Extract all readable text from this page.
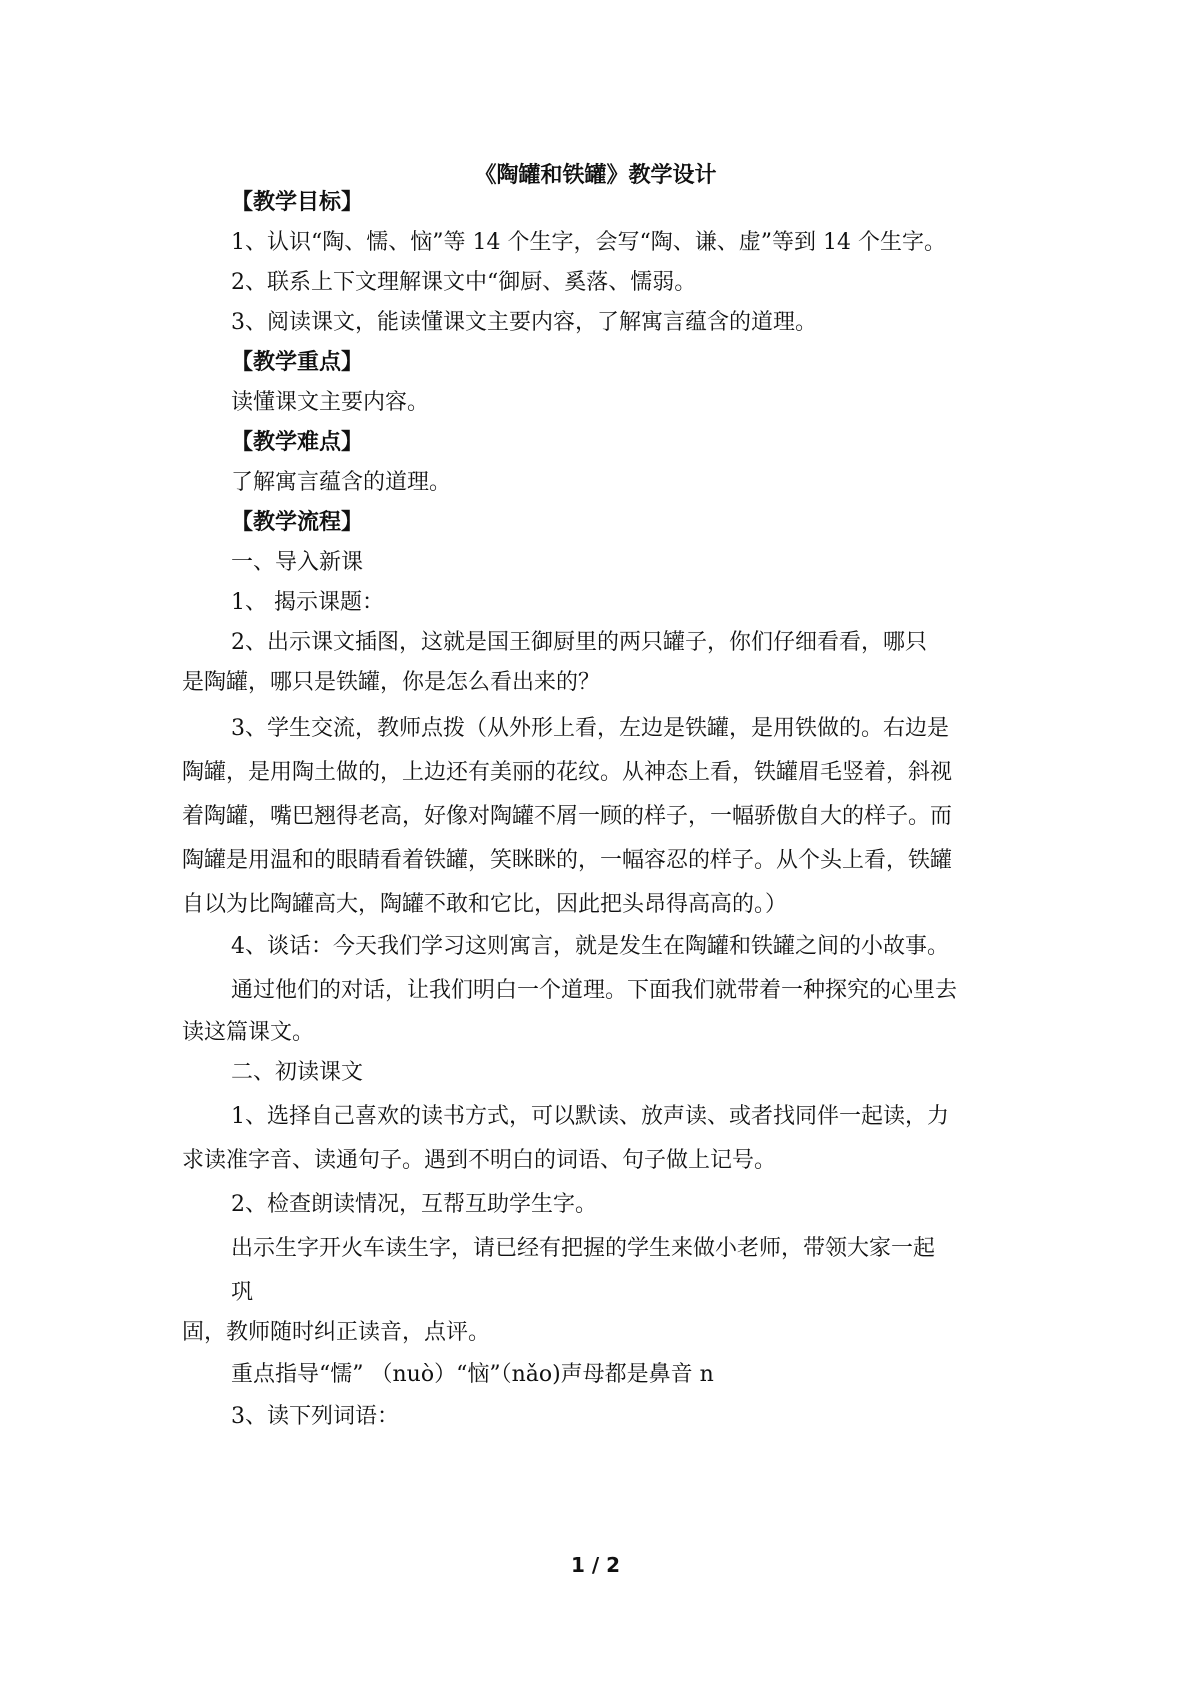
《陶罐和铁罐》教学设计
【教学目标】
1、认识“陶、懦、恼”等 14 个生字，会写“陶、谦、虚”等到 14 个生字。
2、联系上下文理解课文中“御厨、奚落、懦弱。
3、阅读课文，能读懂课文主要内容，了解寓言蕴含的道理。
【教学重点】
读懂课文主要内容。
【教学难点】
了解寓言蕴含的道理。
【教学流程】
一、导入新课
1、 揭示课题：
2、出示课文插图，这就是国王御厨里的两只罐子，你们仔细看看，哪只
是陶罐，哪只是铁罐，你是怎么看出来的？
3、学生交流，教师点拨（从外形上看，左边是铁罐，是用铁做的。右边是
陶罐，是用陶土做的，上边还有美丽的花纹。从神态上看，铁罐眉毛竖着，斜视
着陶罐，嘴巴翘得老高，好像对陶罐不屑一顾的样子，一幅骄傲自大的样子。而
陶罐是用温和的眼睛看着铁罐，笑眯眯的，一幅容忍的样子。从个头上看，铁罐
自以为比陶罐高大，陶罐不敢和它比，因此把头昂得高高的。）
4、谈话：今天我们学习这则寓言，就是发生在陶罐和铁罐之间的小故事。
通过他们的对话，让我们明白一个道理。下面我们就带着一种探究的心里去
读这篇课文。
二、初读课文
1、选择自己喜欢的读书方式，可以默读、放声读、或者找同伴一起读，力
求读准字音、读通句子。遇到不明白的词语、句子做上记号。
2、检查朗读情况，互帮互助学生字。
出示生字开火车读生字，请已经有把握的学生来做小老师，带领大家一起
巩
固，教师随时纠正读音，点评。
重点指导“懦” （nuò）“恼”（nǎo)声母都是鼻音 n
3、读下列词语：
1 / 2
